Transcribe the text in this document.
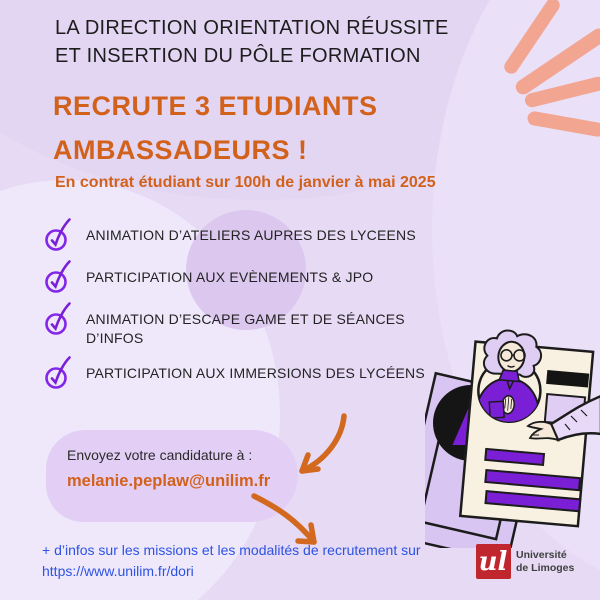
LA DIRECTION ORIENTATION RÉUSSITE
ET INSERTION DU PÔLE FORMATION
RECRUTE 3 ETUDIANTS
AMBASSADEURS !
En contrat étudiant sur 100h de janvier à mai 2025
ANIMATION D’ATELIERS AUPRES DES LYCEENS
PARTICIPATION AUX EVÈNEMENTS & JPO
ANIMATION D’ESCAPE GAME ET DE SÉANCES D’INFOS
PARTICIPATION AUX IMMERSIONS DES LYCÉENS
Envoyez votre candidature à :
melanie.peplaw@unilim.fr
+ d’infos sur les missions et les modalités de recrutement sur
https://www.unilim.fr/dori	ul Université
de Limoges
